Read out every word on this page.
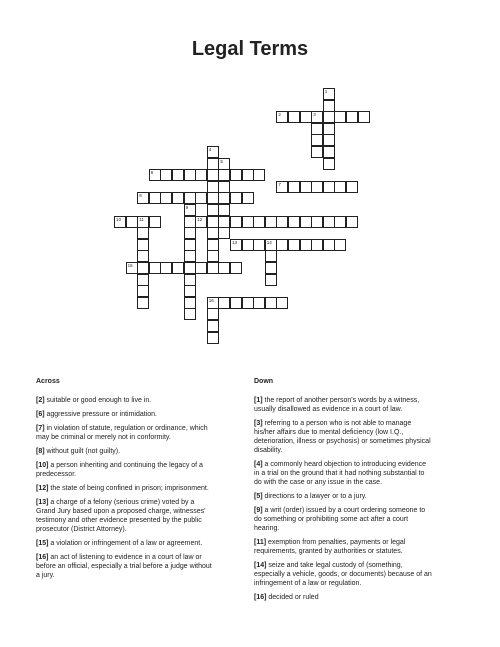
Legal Terms
1
2	3
4
5
6
7
8
9
10	11	12
13	14
15
16
Across	Down
[2] suitable or good enough to live in.
[6] aggressive pressure or intimidation.
[7] in violation of statute, regulation or ordinance, which
may be criminal or merely not in conformity.
[8] without guilt (not guilty).
[10] a person inheriting and continuing the legacy of a
predecessor.
[12] the state of being confined in prison; imprisonment.
[13] a charge of a felony (serious crime) voted by a
Grand Jury based upon a proposed charge, witnesses'
testimony and other evidence presented by the public
prosecutor (District Attorney).
[15] a violation or infringement of a law or agreement.
[16] an act of listening to evidence in a court of law or
before an official, especially a trial before a judge without
a jury.
[1] the report of another person's words by a witness,
usually disallowed as evidence in a court of law.
[3] referring to a person who is not able to manage
his/her affairs due to mental deficiency (low I.Q.,
deterioration, illness or psychosis) or sometimes physical
disability.
[4] a commonly heard objection to introducing evidence
in a trial on the ground that it had nothing substantial to
do with the case or any issue in the case.
[5] directions to a lawyer or to a jury.
[9] a writ (order) issued by a court ordering someone to
do something or prohibiting some act after a court
hearing.
[11] exemption from penalties, payments or legal
requirements, granted by authorities or statutes.
[14] seize and take legal custody of (something,
especially a vehicle, goods, or documents) because of an
infringement of a law or regulation.
[16] decided or ruled
